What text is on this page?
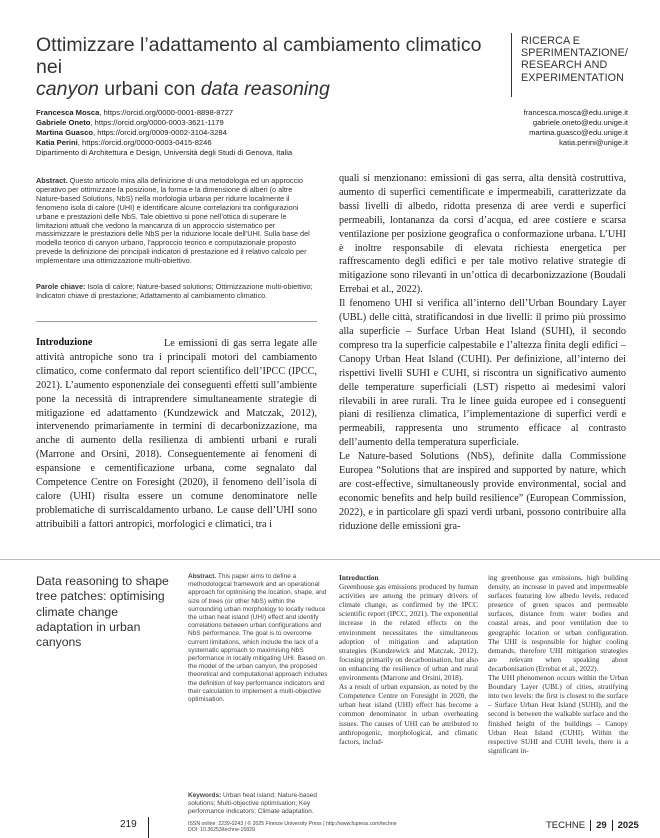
Ottimizzare l’adattamento al cambiamento climatico nei
canyon urbani con data reasoning
RICERCA E
SPERIMENTAZIONE/
RESEARCH AND
EXPERIMENTATION
Francesca Mosca, https://orcid.org/0000-0001-8898-8727
Gabriele Oneto, https://orcid.org/0000-0003-3621-1179
Martina Guasco, https://orcid.org/0009-0002-3104-3284
Katia Perini, https://orcid.org/0000-0003-0415-8246
Dipartimento di Architettura e Design, Università degli Studi di Genova, Italia
francesca.mosca@edu.unige.it
gabriele.oneto@edu.unige.it
martina.guasco@edu.unige.it
katia.perini@unige.it
Abstract. Questo articolo mira alla definizione di una metodologia ed un approccio operativo per ottimizzare la posizione, la forma e la dimensione di alberi (o altre Nature-based Solutions, NbS) nella morfologia urbana per ridurre localmente il fenomeno isola di calore (UHI) e identificare alcune correlazioni tra configurazioni urbane e prestazioni delle NbS. Tale obiettivo si pone nell’ottica di superare le limitazioni attuali che vedono la mancanza di un approccio sistematico per massimizzare le prestazioni delle NbS per la riduzione locale dell’UHI. Sulla base del modello teorico di canyon urbano, l’approccio teorico e computazionale proposto prevede la definizione dei principali indicatori di prestazione ed il relativo calcolo per implementare una ottimizzazione multi-obiettivo.
Parole chiave: Isola di calore; Nature-based solutions; Ottimizzazione multi-obiettivo; Indicatori chiave di prestazione; Adattamento al cambiamento climatico.
Introduzione	Le emissioni di gas serra legate alle attività antropiche sono tra i principali motori del cambiamento climatico, come confermato dal report scientifico dell’IPCC (IPCC, 2021). L’aumento esponenziale dei conseguenti effetti sull’ambiente pone la necessità di intraprendere simultaneamente strategie di mitigazione ed adattamento (Kundzewick and Matczak, 2012), intervenendo primariamente in termini di decarbonizzazione, ma anche di aumento della resilienza di ambienti urbani e rurali (Marrone and Orsini, 2018). Conseguentemente ai fenomeni di espansione e cementificazione urbana, come segnalato dal Competence Centre on Foresight (2020), il fenomeno dell’isola di calore (UHI) risulta essere un comune denominatore nelle problematiche di surriscaldamento urbano. Le cause dell’UHI sono attribuibili a fattori antropici, morfologici e climatici, tra i

quali si menzionano: emissioni di gas serra, alta densità costruttiva, aumento di superfici cementificate e impermeabili, caratterizzate da bassi livelli di albedo, ridotta presenza di aree verdi e superfici permeabili, lontananza da corsi d’acqua, ed aree costiere e scarsa ventilazione per posizione geografica o conformazione urbana. L’UHI è inoltre responsabile di elevata richiesta energetica per raffrescamento degli edifici e per tale motivo relative strategie di mitigazione sono rilevanti in un’ottica di decarbonizzazione (Boudali Errebai et al., 2022).

Il fenomeno UHI si verifica all’interno dell’Urban Boundary Layer (UBL) delle città, stratificandosi in due livelli: il primo più prossimo alla superficie – Surface Urban Heat Island (SUHI), il secondo compreso tra la superficie calpestabile e l’altezza finita degli edifici – Canopy Urban Heat Island (CUHI). Per definizione, all’interno dei rispettivi livelli SUHI e CUHI, si riscontra un significativo aumento delle temperature superficiali (LST) rispetto ai medesimi valori rilevabili in aree rurali. Tra le linee guida europee ed i conseguenti piani di resilienza climatica, l’implementazione di superfici verdi e permeabili, rappresenta uno strumento efficace al contrasto dell’aumento della temperatura superficiale.

Le Nature-based Solutions (NbS), definite dalla Commissione Europea “Solutions that are inspired and supported by nature, which are cost-effective, simultaneously provide environmental, social and economic benefits and help build resilience” (European Commission, 2022), e in particolare gli spazi verdi urbani, possono contribuire alla riduzione delle emissioni gra-

Data reasoning to shape tree patches: optimising climate change adaptation in urban canyons
Abstract. This paper aims to define a methodological framework and an operational approach for optimising the location, shape, and size of trees (or other NbS) within the surrounding urban morphology to locally reduce the urban heat island (UHI) effect and identify correlations between urban configurations and NbS performance. The goal is to overcome current limitations, which include the lack of a systematic approach to maximising NbS performance in locally mitigating UHI. Based on the model of the urban canyon, the proposed theoretical and computational approach includes the definition of key performance indicators and their calculation to implement a multi-objective optimisation.
Keywords: Urban heat island; Nature-based solutions; Multi-objective optimisation; Key performance indicators; Climate adaptation.

Introduction

Greenhouse gas emissions produced by human activities are among the primary drivers of climate change, as confirmed by the IPCC scientific report (IPCC, 2021). The exponential increase in the related effects on the environment necessitates the simultaneous adoption of mitigation and adaptation strategies (Kundzewick and Matczak, 2012), focusing primarily on decarbonisation, but also on enhancing the resilience of urban and rural environments (Marrone and Orsini, 2018).

As a result of urban expansion, as noted by the Competence Centre on Foresight in 2020, the urban heat island (UHI) effect has become a common denominator in urban overheating issues. The causes of UHI can be attributed to anthropogenic, morphological, and climatic factors, includ-

ing greenhouse gas emissions, high building density, an increase in paved and impermeable surfaces featuring low albedo levels, reduced presence of green spaces and permeable surfaces, distance from water bodies and coastal areas, and poor ventilation due to geographic location or urban configuration. The UHI is responsible for higher cooling demands, therefore UHI mitigation strategies are relevant when speaking about decarbonisation (Errebai et al., 2022).

The UHI phenomenon occurs within the Urban Boundary Layer (UBL) of cities, stratifying into two levels: the first is closest to the surface – Surface Urban Heat Island (SUHI), and the second is between the walkable surface and the finished height of the buildings – Canopy Urban Heat Island (CUHI). Within the respective SUHI and CUHI levels, there is a significant in-

219	ISSN online: 2239-0243 | © 2025 Firenze University Press | http://www.fupress.com/techne
DOI: 10.36253/techne-15829	TECHNE 29 2025
